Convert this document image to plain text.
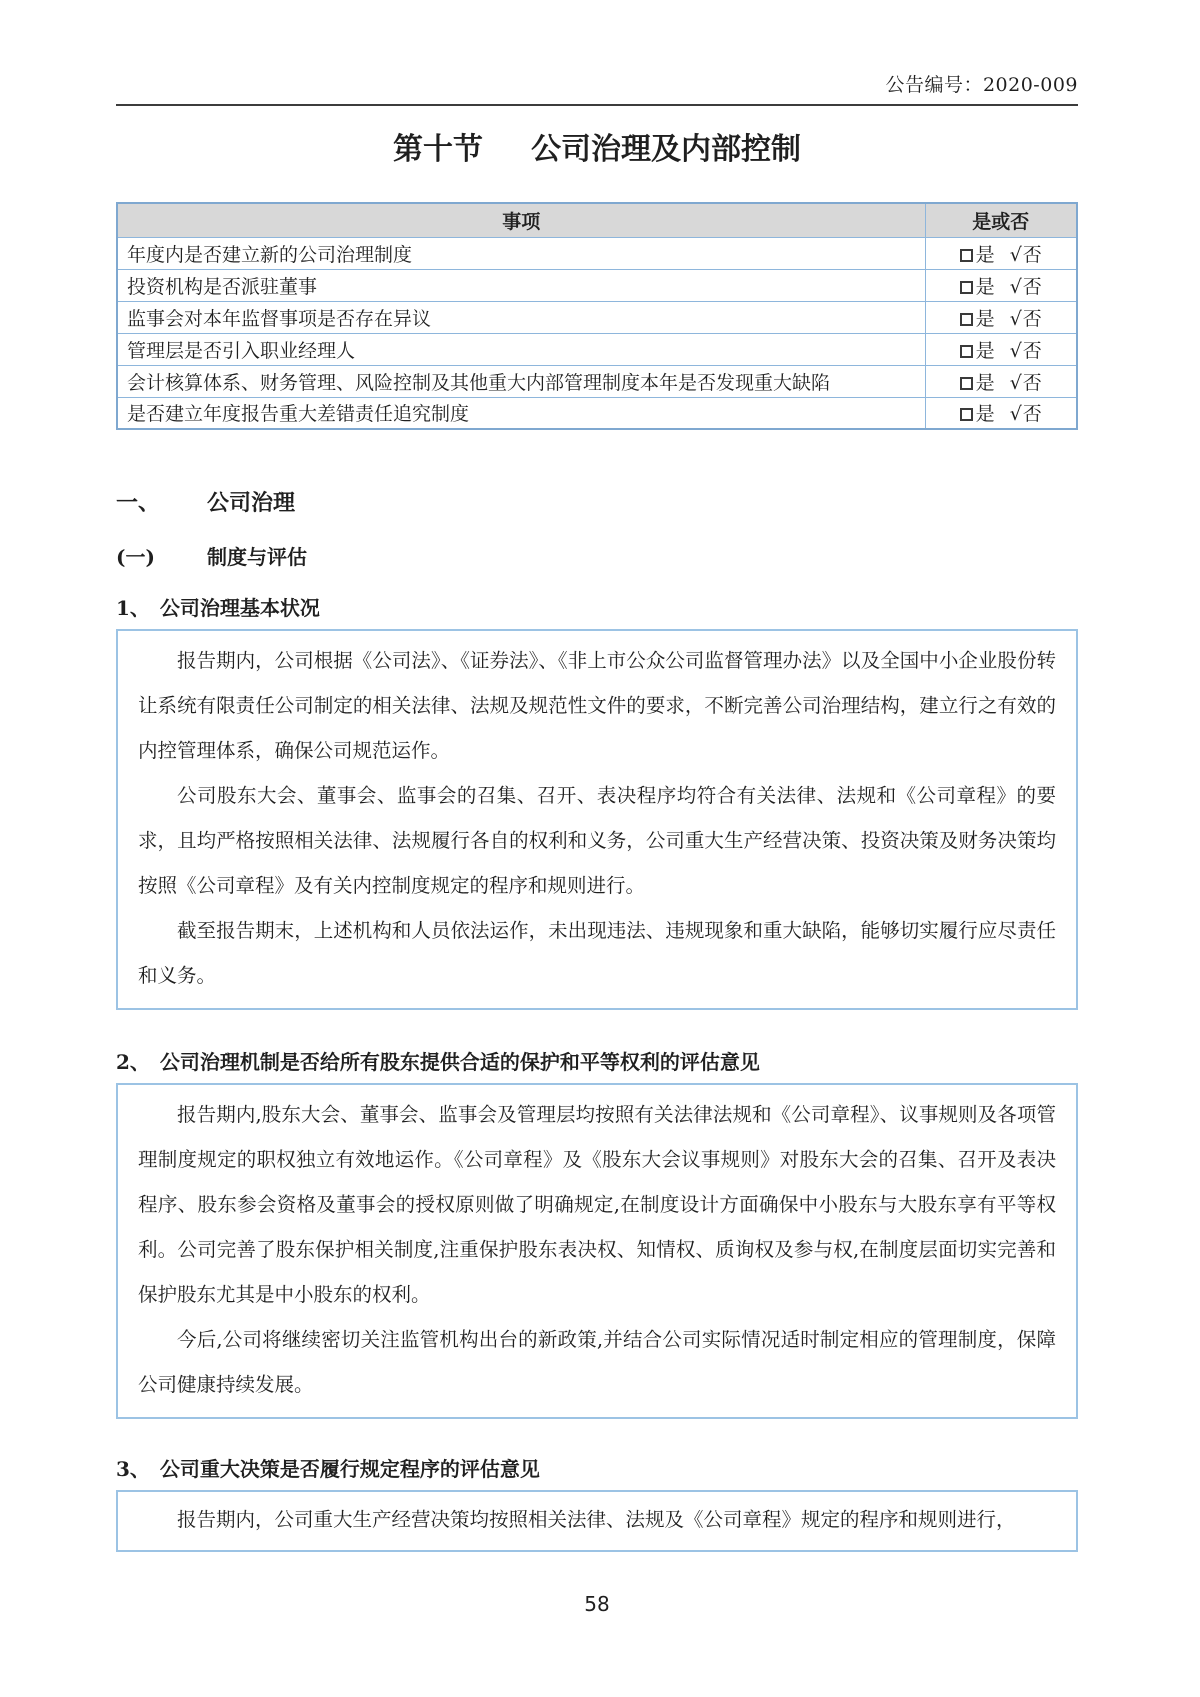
公告编号：2020-009
第十节 公司治理及内部控制
事项	是或否
年度内是否建立新的公司治理制度	是 √否
投资机构是否派驻董事	是 √否
监事会对本年监督事项是否存在异议	是 √否
管理层是否引入职业经理人	是 √否
会计核算体系、财务管理、风险控制及其他重大内部管理制度本年是否发现重大缺陷	是 √否
是否建立年度报告重大差错责任追究制度	是 √否
一、 公司治理
(一)	制度与评估
1、 公司治理基本状况

报告期内，公司根据《公司法》、《证券法》、《非上市公众公司监督管理办法》以及全国中小企业股份转让系统有限责任公司制定的相关法律、法规及规范性文件的要求，不断完善公司治理结构，建立行之有效的内控管理体系，确保公司规范运作。

公司股东大会、董事会、监事会的召集、召开、表决程序均符合有关法律、法规和《公司章程》的要求，且均严格按照相关法律、法规履行各自的权利和义务，公司重大生产经营决策、投资决策及财务决策均按照《公司章程》及有关内控制度规定的程序和规则进行。

截至报告期末，上述机构和人员依法运作，未出现违法、违规现象和重大缺陷，能够切实履行应尽责任和义务。

2、 公司治理机制是否给所有股东提供合适的保护和平等权利的评估意见

报告期内,股东大会、董事会、监事会及管理层均按照有关法律法规和《公司章程》、议事规则及各项管理制度规定的职权独立有效地运作。《公司章程》及《股东大会议事规则》对股东大会的召集、召开及表决程序、股东参会资格及董事会的授权原则做了明确规定,在制度设计方面确保中小股东与大股东享有平等权利。公司完善了股东保护相关制度,注重保护股东表决权、知情权、质询权及参与权,在制度层面切实完善和保护股东尤其是中小股东的权利。

今后,公司将继续密切关注监管机构出台的新政策,并结合公司实际情况适时制定相应的管理制度，保障公司健康持续发展。

3、 公司重大决策是否履行规定程序的评估意见

报告期内，公司重大生产经营决策均按照相关法律、法规及《公司章程》规定的程序和规则进行，

58
